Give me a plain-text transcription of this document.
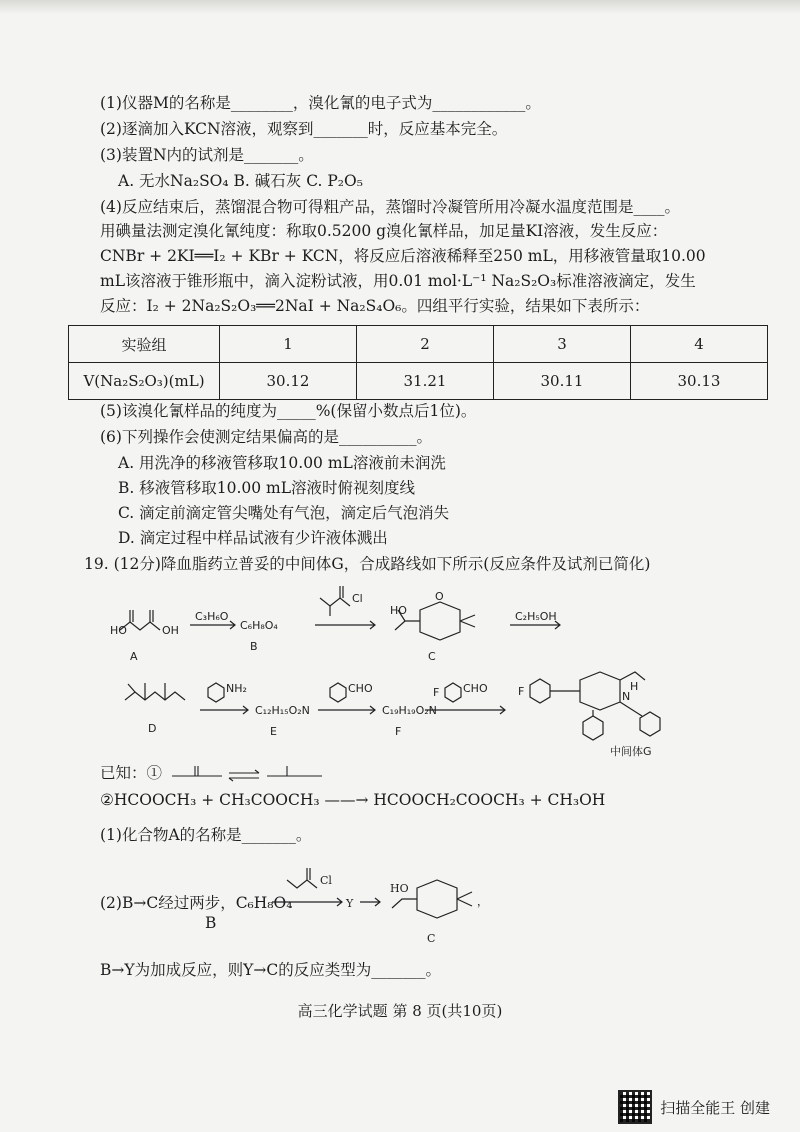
(1)仪器M的名称是________，溴化氰的电子式为____________。
(2)逐滴加入KCN溶液，观察到_______时，反应基本完全。
(3)装置N内的试剂是_______。
A. 无水Na₂SO₄ B. 碱石灰 C. P₂O₅
(4)反应结束后，蒸馏混合物可得粗产品，蒸馏时冷凝管所用冷凝水温度范围是____。
用碘量法测定溴化氰纯度：称取0.5200 g溴化氰样品，加足量KI溶液，发生反应：
CNBr + 2KI══I₂ + KBr + KCN，将反应后溶液稀释至250 mL，用移液管量取10.00
mL该溶液于锥形瓶中，滴入淀粉试液，用0.01 mol·L⁻¹ Na₂S₂O₃标准溶液滴定，发生
反应：I₂ + 2Na₂S₂O₃══2NaI + Na₂S₄O₆。四组平行实验，结果如下表所示：
实验组	1	2	3	4
V(Na₂S₂O₃)(mL)	30.12	31.21	30.11	30.13
(5)该溴化氰样品的纯度为_____%(保留小数点后1位)。
(6)下列操作会使测定结果偏高的是__________。
A. 用洗净的移液管移取10.00 mL溶液前未润洗
B. 移液管移取10.00 mL溶液时俯视刻度线
C. 滴定前滴定管尖嘴处有气泡，滴定后气泡消失
D. 滴定过程中样品试液有少许液体溅出
19. (12分)降血脂药立普妥的中间体G，合成路线如下所示(反应条件及试剂已简化)
HO	OH
A
C₃H₆O
C₆H₈O₄
B
Cl
HO
O
C
C₂H₅OH
D
NH₂
C₁₂H₁₅O₂N
E
CHO
C₁₉H₁₉O₂N
F
F CHO	F	N
H
中间体G
已知：①
②HCOOCH₃ + CH₃COOCH₃ ——→ HCOOCH₂COOCH₃ + CH₃OH
(1)化合物A的名称是_______。
(2)B→C经过两步，C₆H₈O₄
Cl
Y
HO
C
，
B
B→Y为加成反应，则Y→C的反应类型为_______。
高三化学试题 第 8 页(共10页)
扫描全能王 创建
